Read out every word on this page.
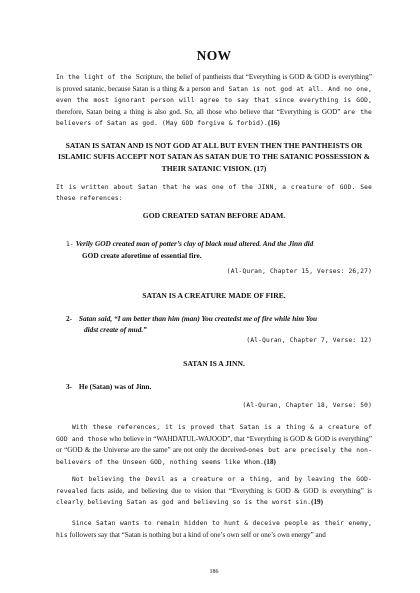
NOW

In the light of the Scripture, the belief of pantheists that “Everything is GOD & GOD is everything” is proved satanic, because Satan is a thing & a person and Satan is not god at all. And no one, even the most ignorant person will agree to say that since everything is GOD, therefore, Satan being a thing is also god. So, all those who believe that “Everything is GOD” are the believers of Satan as god. (May GOD forgive & forbid).(16)

SATAN IS SATAN AND IS NOT GOD AT ALL BUT EVEN THEN THE PANTHEISTS OR ISLAMIC SUFIS ACCEPT NOT SATAN AS SATAN DUE TO THE SATANIC POSSESSION & THEIR SATANIC VISION. (17)

It is written about Satan that he was one of the JINN, a creature of GOD. See these references:

GOD CREATED SATAN BEFORE ADAM.
1- Verily GOD created man of potter’s clay of black mud altered. And the Jinn did
GOD create aforetime of essential fire.
(Al-Quran, Chapter 15, Verses: 26,27)
SATAN IS A CREATURE MADE OF FIRE.
2- Satan said, “I am better than him (man) You createdst me of fire while him You
didst create of mud.”
(Al-Quran, Chapter 7, Verse: 12)
SATAN IS A JINN.
3- He (Satan) was of Jinn.
(Al-Quran, Chapter 18, Verse: 50)

With these references, it is proved that Satan is a thing & a creature of GOD and those who believe in “WAHDATUL-WAJOOD”, that “Everything is GOD & GOD is everything” or “GOD & the Universe are the same” are not only the deceived-ones but are precisely the non-believers of the Unseen GOD, nothing seems like Whom.(18)

Not believing the Devil as a creature or a thing, and by leaving the GOD-revealed facts aside, and believing due to vision that “Everything is GOD & GOD is everything” is clearly believing Satan as god and believing so is the worst sin.(19)

Since Satan wants to remain hidden to hunt & deceive people as their enemy, his followers say that “Satan is nothing but a kind of one’s own self or one’s own energy” and

186
